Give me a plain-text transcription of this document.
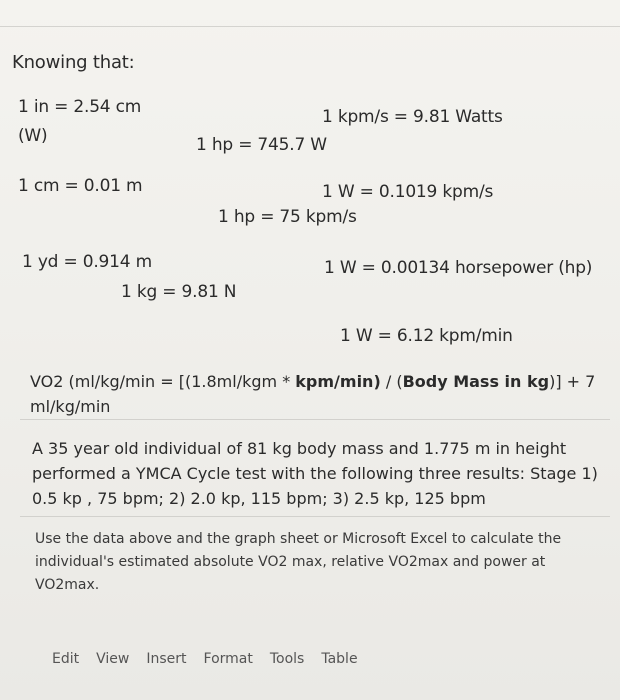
Knowing that:
1 in = 2.54 cm	1 kpm/s = 9.81 Watts
(W)	1 hp = 745.7 W
1 cm = 0.01 m	1 W = 0.1019 kpm/s
1 hp = 75 kpm/s
1 yd = 0.914 m	1 W = 0.00134 horsepower (hp)
1 kg = 9.81 N
1 W = 6.12 kpm/min
VO2 (ml/kg/min = [(1.8ml/kgm * kpm/min) / (Body Mass in kg)] + 7
ml/kg/min
A 35 year old individual of 81 kg body mass and 1.775 m in height
performed a YMCA Cycle test with the following three results: Stage 1)
0.5 kp , 75 bpm; 2) 2.0 kp, 115 bpm; 3) 2.5 kp, 125 bpm
Use the data above and the graph sheet or Microsoft Excel to calculate the individual's estimated absolute VO2 max, relative VO2max and power at VO2max.
Edit View Insert Format Tools Table
